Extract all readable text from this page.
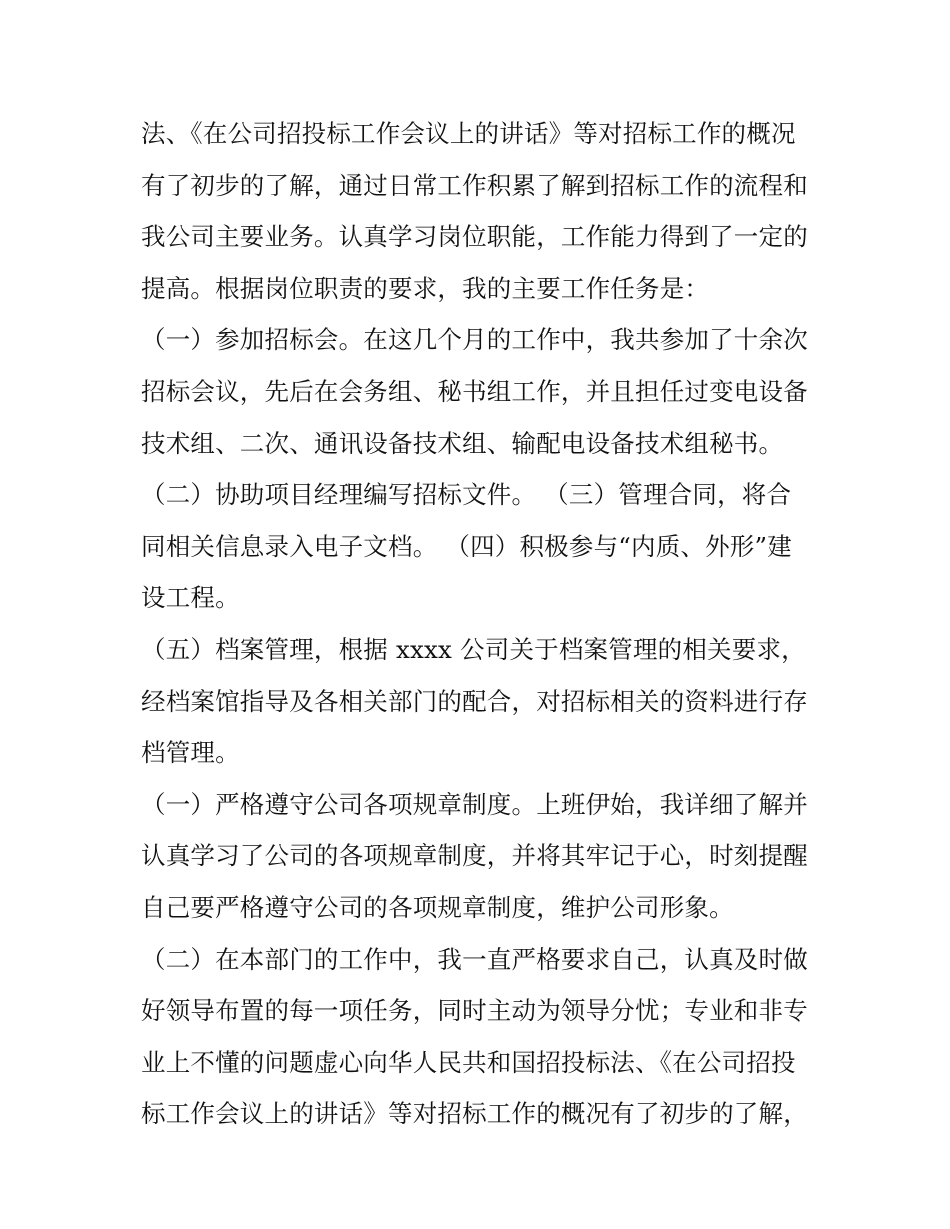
法、《在公司招投标工作会议上的讲话》等对招标工作的概况
有了初步的了解，通过日常工作积累了解到招标工作的流程和
我公司主要业务。认真学习岗位职能，工作能力得到了一定的
提高。根据岗位职责的要求，我的主要工作任务是：
（一）参加招标会。在这几个月的工作中，我共参加了十余次
招标会议，先后在会务组、秘书组工作，并且担任过变电设备
技术组、二次、通讯设备技术组、输配电设备技术组秘书。
（二）协助项目经理编写招标文件。 （三）管理合同，将合
同相关信息录入电子文档。 （四）积极参与“内质、外形”建
设工程。
（五）档案管理，根据 xxxx 公司关于档案管理的相关要求，
经档案馆指导及各相关部门的配合，对招标相关的资料进行存
档管理。
（一）严格遵守公司各项规章制度。上班伊始，我详细了解并
认真学习了公司的各项规章制度，并将其牢记于心，时刻提醒
自己要严格遵守公司的各项规章制度，维护公司形象。
（二）在本部门的工作中，我一直严格要求自己，认真及时做
好领导布置的每一项任务，同时主动为领导分忧；专业和非专
业上不懂的问题虚心向华人民共和国招投标法、《在公司招投
标工作会议上的讲话》等对招标工作的概况有了初步的了解，
